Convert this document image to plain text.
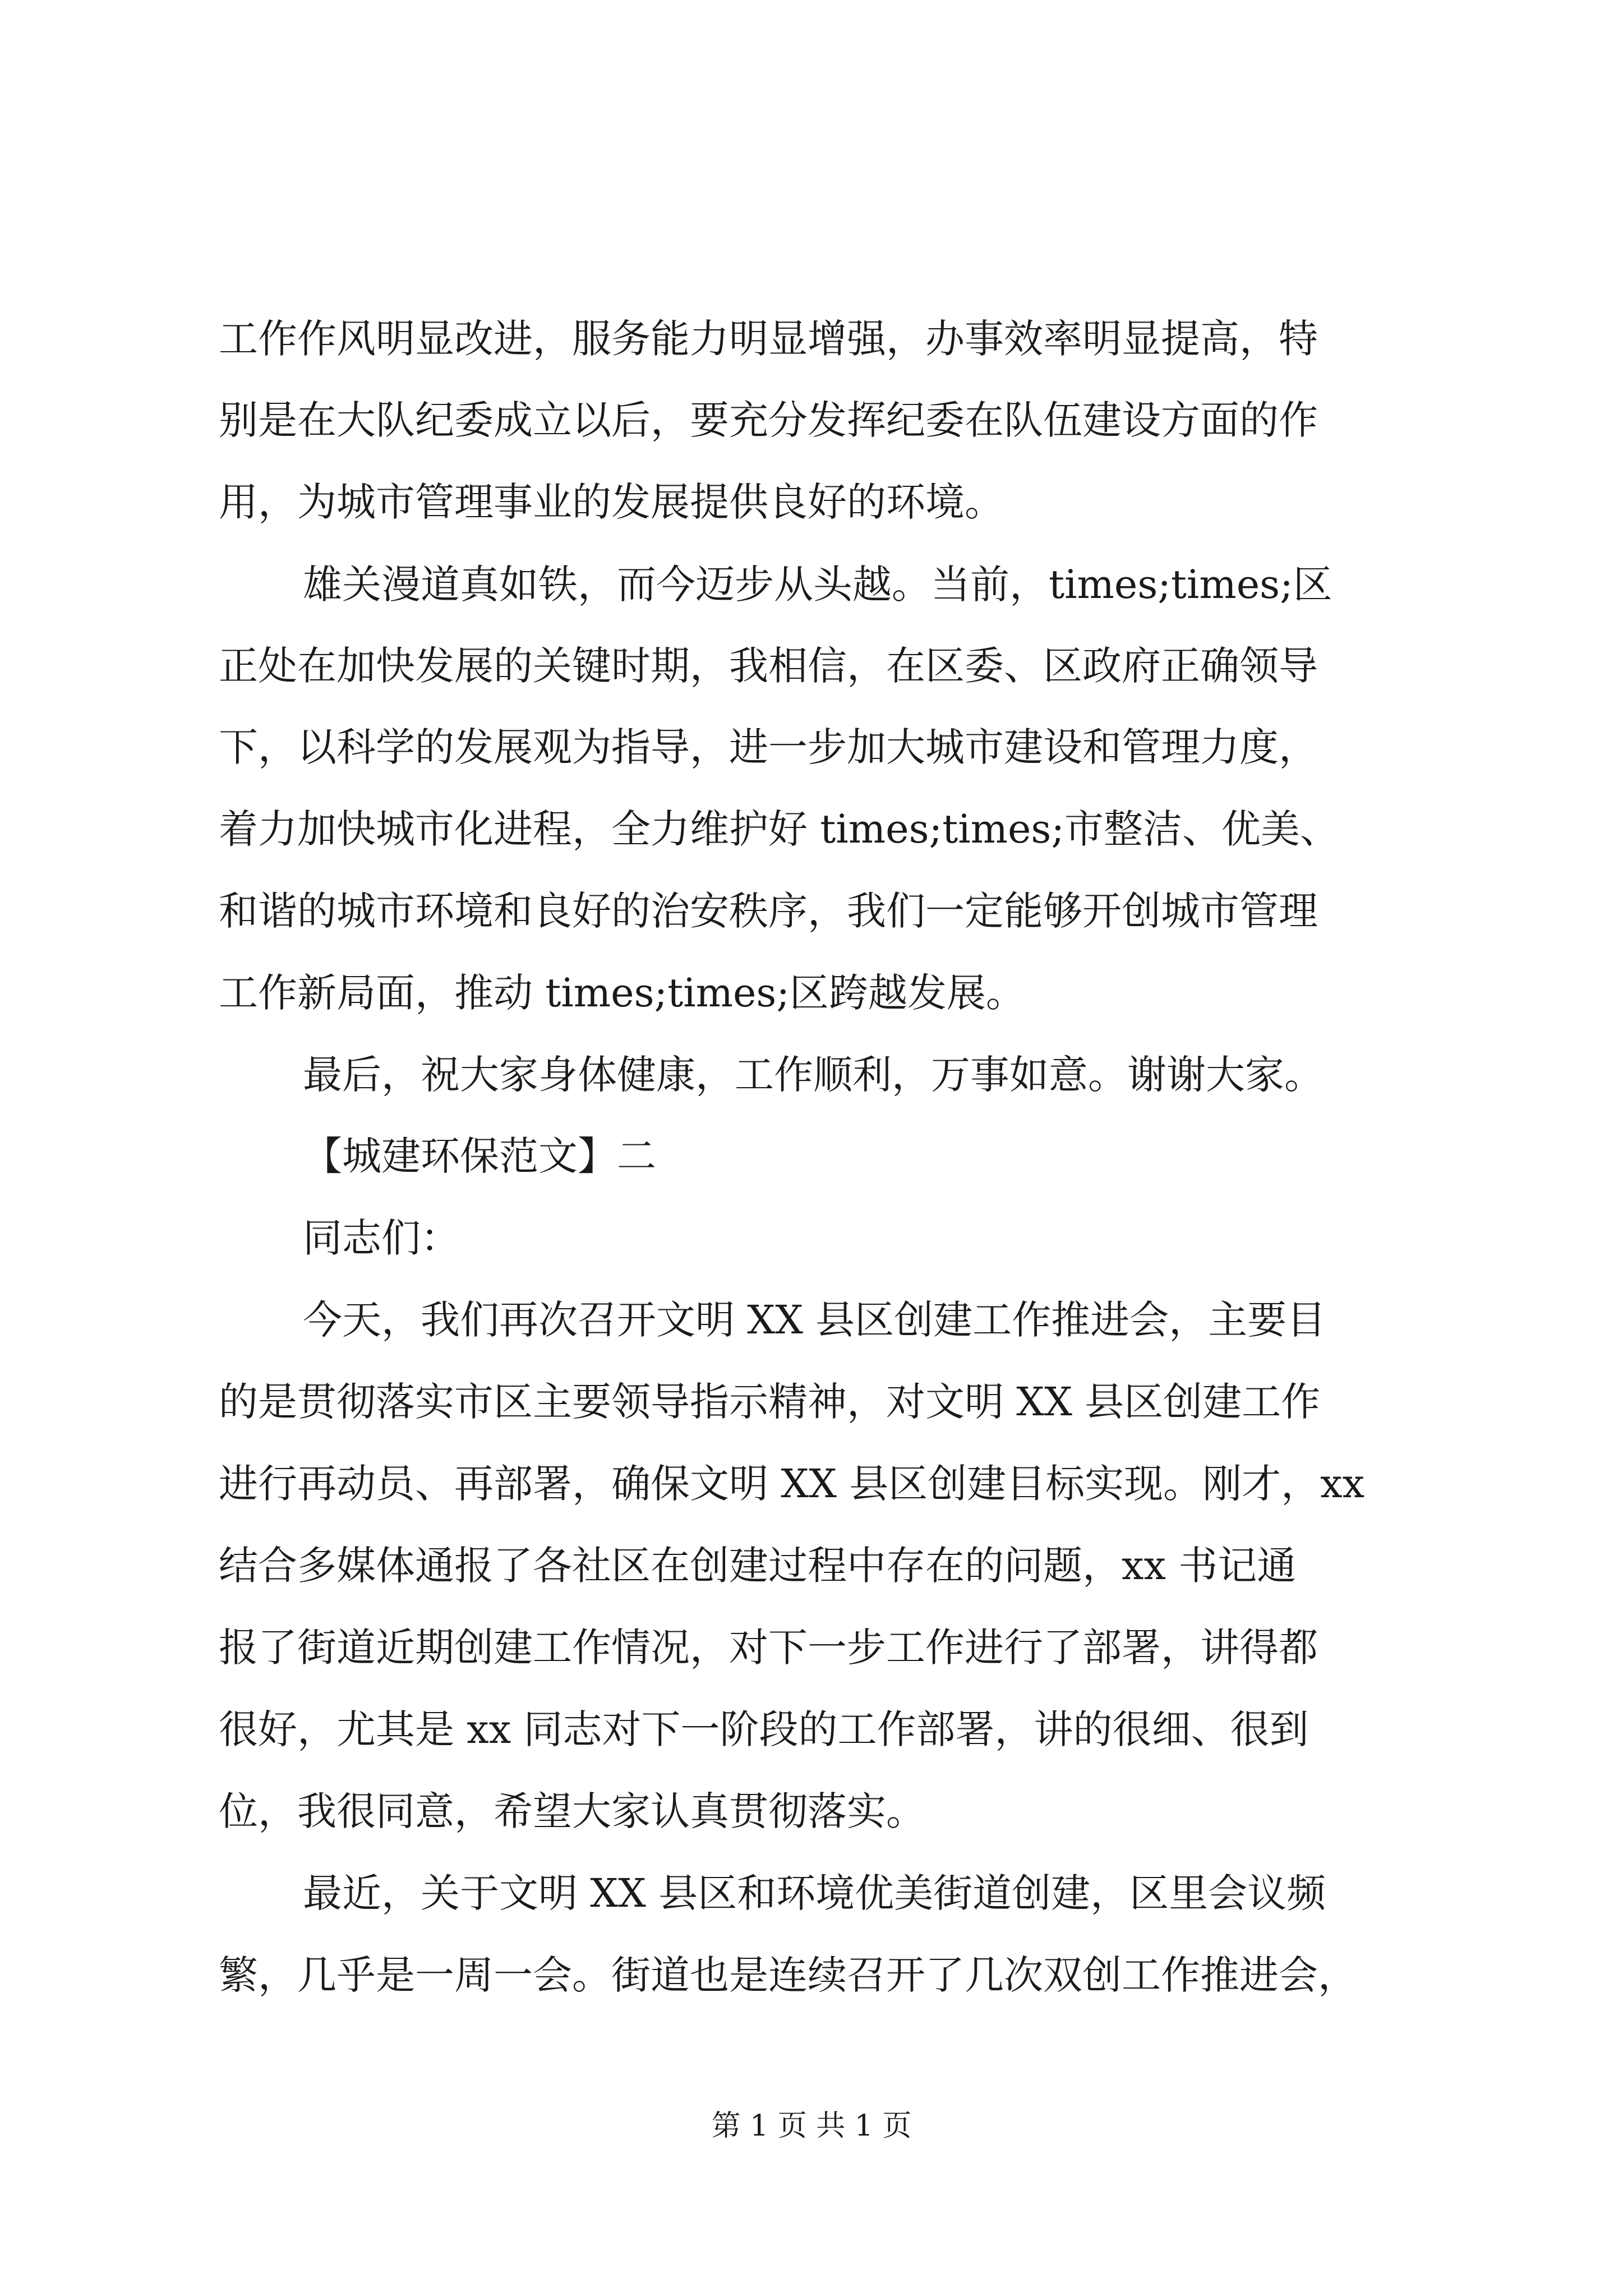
工作作风明显改进，服务能力明显增强，办事效率明显提高，特

别是在大队纪委成立以后，要充分发挥纪委在队伍建设方面的作

用，为城市管理事业的发展提供良好的环境。

雄关漫道真如铁，而今迈步从头越。当前，times;times;区

正处在加快发展的关键时期，我相信，在区委、区政府正确领导

下，以科学的发展观为指导，进一步加大城市建设和管理力度，

着力加快城市化进程，全力维护好 times;times;市整洁、优美、

和谐的城市环境和良好的治安秩序，我们一定能够开创城市管理

工作新局面，推动 times;times;区跨越发展。

最后，祝大家身体健康，工作顺利，万事如意。谢谢大家。

【城建环保范文】二

同志们：

今天，我们再次召开文明 XX 县区创建工作推进会，主要目

的是贯彻落实市区主要领导指示精神，对文明 XX 县区创建工作

进行再动员、再部署，确保文明 XX 县区创建目标实现。刚才，xx

结合多媒体通报了各社区在创建过程中存在的问题，xx 书记通

报了街道近期创建工作情况，对下一步工作进行了部署，讲得都

很好，尤其是 xx 同志对下一阶段的工作部署，讲的很细、很到

位，我很同意，希望大家认真贯彻落实。

最近，关于文明 XX 县区和环境优美街道创建，区里会议频

繁，几乎是一周一会。街道也是连续召开了几次双创工作推进会，

第 1 页 共 1 页
